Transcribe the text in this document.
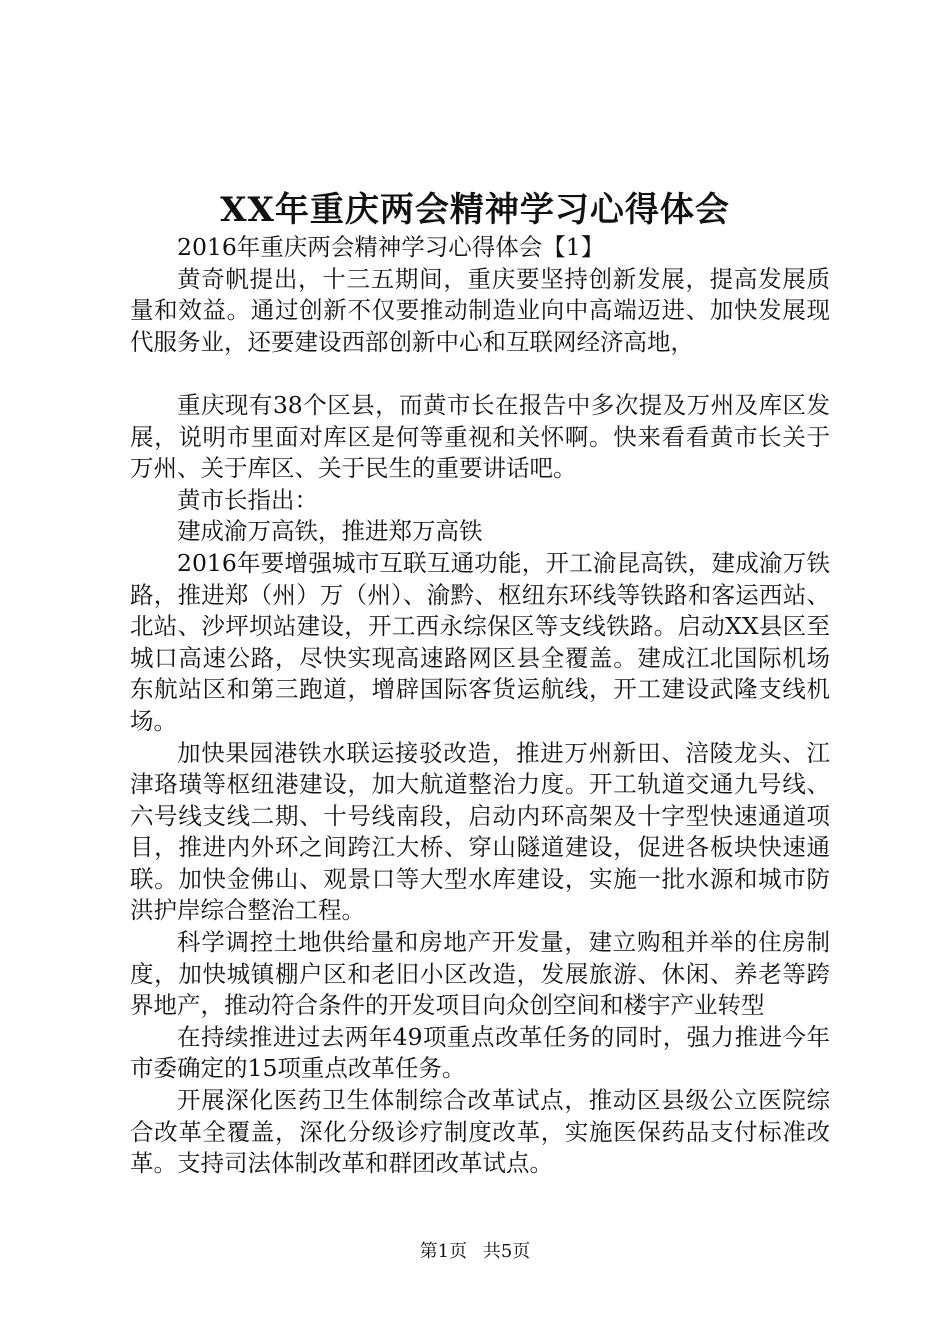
XX年重庆两会精神学习心得体会

2016年重庆两会精神学习心得体会【1】

黄奇帆提出，十三五期间，重庆要坚持创新发展，提高发展质量和效益。通过创新不仅要推动制造业向中高端迈进、加快发展现代服务业，还要建设西部创新中心和互联网经济高地，

重庆现有38个区县，而黄市长在报告中多次提及万州及库区发展，说明市里面对库区是何等重视和关怀啊。快来看看黄市长关于万州、关于库区、关于民生的重要讲话吧。

黄市长指出：

建成渝万高铁，推进郑万高铁

2016年要增强城市互联互通功能，开工渝昆高铁，建成渝万铁路，推进郑（州）万（州）、渝黔、枢纽东环线等铁路和客运西站、北站、沙坪坝站建设，开工西永综保区等支线铁路。启动XX县区至城口高速公路，尽快实现高速路网区县全覆盖。建成江北国际机场东航站区和第三跑道，增辟国际客货运航线，开工建设武隆支线机场。

加快果园港铁水联运接驳改造，推进万州新田、涪陵龙头、江津珞璜等枢纽港建设，加大航道整治力度。开工轨道交通九号线、六号线支线二期、十号线南段，启动内环高架及十字型快速通道项目，推进内外环之间跨江大桥、穿山隧道建设，促进各板块快速通联。加快金佛山、观景口等大型水库建设，实施一批水源和城市防洪护岸综合整治工程。

科学调控土地供给量和房地产开发量，建立购租并举的住房制度，加快城镇棚户区和老旧小区改造，发展旅游、休闲、养老等跨界地产，推动符合条件的开发项目向众创空间和楼宇产业转型

在持续推进过去两年49项重点改革任务的同时，强力推进今年市委确定的15项重点改革任务。

开展深化医药卫生体制综合改革试点，推动区县级公立医院综合改革全覆盖，深化分级诊疗制度改革，实施医保药品支付标准改革。支持司法体制改革和群团改革试点。

第1页 共5页
